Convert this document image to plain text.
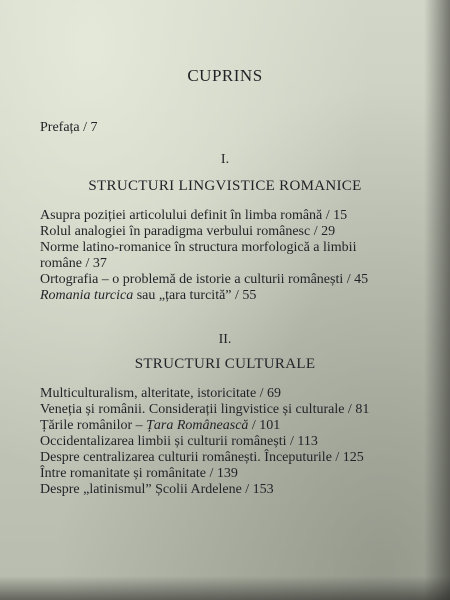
CUPRINS
Prefața / 7
I.
STRUCTURI LINGVISTICE ROMANICE
Asupra poziției articolului definit în limba română / 15
Rolul analogiei în paradigma verbului românesc / 29
Norme latino-romanice în structura morfologică a limbii
române / 37
Ortografia – o problemă de istorie a culturii românești / 45
Romania turcica sau „țara turcită” / 55
II.
STRUCTURI CULTURALE
Multiculturalism, alteritate, istoricitate / 69
Veneția și românii. Considerații lingvistice și culturale / 81
Țările românilor – Țara Românească / 101
Occidentalizarea limbii și culturii românești / 113
Despre centralizarea culturii românești. Începuturile / 125
Între romanitate și românitate / 139
Despre „latinismul” Școlii Ardelene / 153
